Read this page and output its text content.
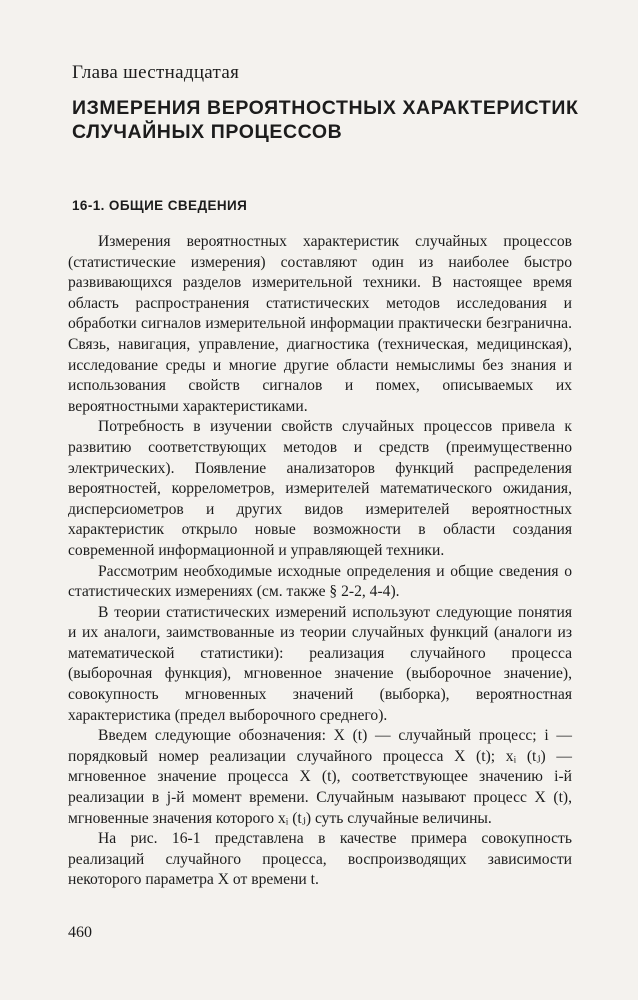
Глава шестнадцатая
ИЗМЕРЕНИЯ ВЕРОЯТНОСТНЫХ ХАРАКТЕРИСТИК
СЛУЧАЙНЫХ ПРОЦЕССОВ
16-1. ОБЩИЕ СВЕДЕНИЯ

Измерения вероятностных характеристик случайных процессов (статистические измерения) составляют один из наиболее быстро развивающихся разделов измерительной техники. В настоящее время область распространения статистических методов исследования и обработки сигналов измерительной информации практически безгранична. Связь, навигация, управление, диагностика (техническая, медицинская), исследование среды и многие другие области немыслимы без знания и использования свойств сигналов и помех, описываемых их вероятностными характеристиками.

Потребность в изучении свойств случайных процессов привела к развитию соответствующих методов и средств (преимущественно электрических). Появление анализаторов функций распределения вероятностей, коррелометров, измерителей математического ожидания, дисперсиометров и других видов измерителей вероятностных характеристик открыло новые возможности в области создания современной информационной и управляющей техники.

Рассмотрим необходимые исходные определения и общие сведения о статистических измерениях (см. также § 2-2, 4-4).

В теории статистических измерений используют следующие понятия и их аналоги, заимствованные из теории случайных функций (аналоги из математической статистики): реализация случайного процесса (выборочная функция), мгновенное значение (выборочное значение), совокупность мгновенных значений (выборка), вероятностная характеристика (предел выборочного среднего).

Введем следующие обозначения: X (t) — случайный процесс; i — порядковый номер реализации случайного процесса X (t); xᵢ (tⱼ) — мгновенное значение процесса X (t), соответствующее значению i-й реализации в j-й момент времени. Случайным называют процесс X (t), мгновенные значения которого xᵢ (tⱼ) суть случайные величины.

На рис. 16-1 представлена в качестве примера совокупность реализаций случайного процесса, воспроизводящих зависимости некоторого параметра X от времени t.

460
